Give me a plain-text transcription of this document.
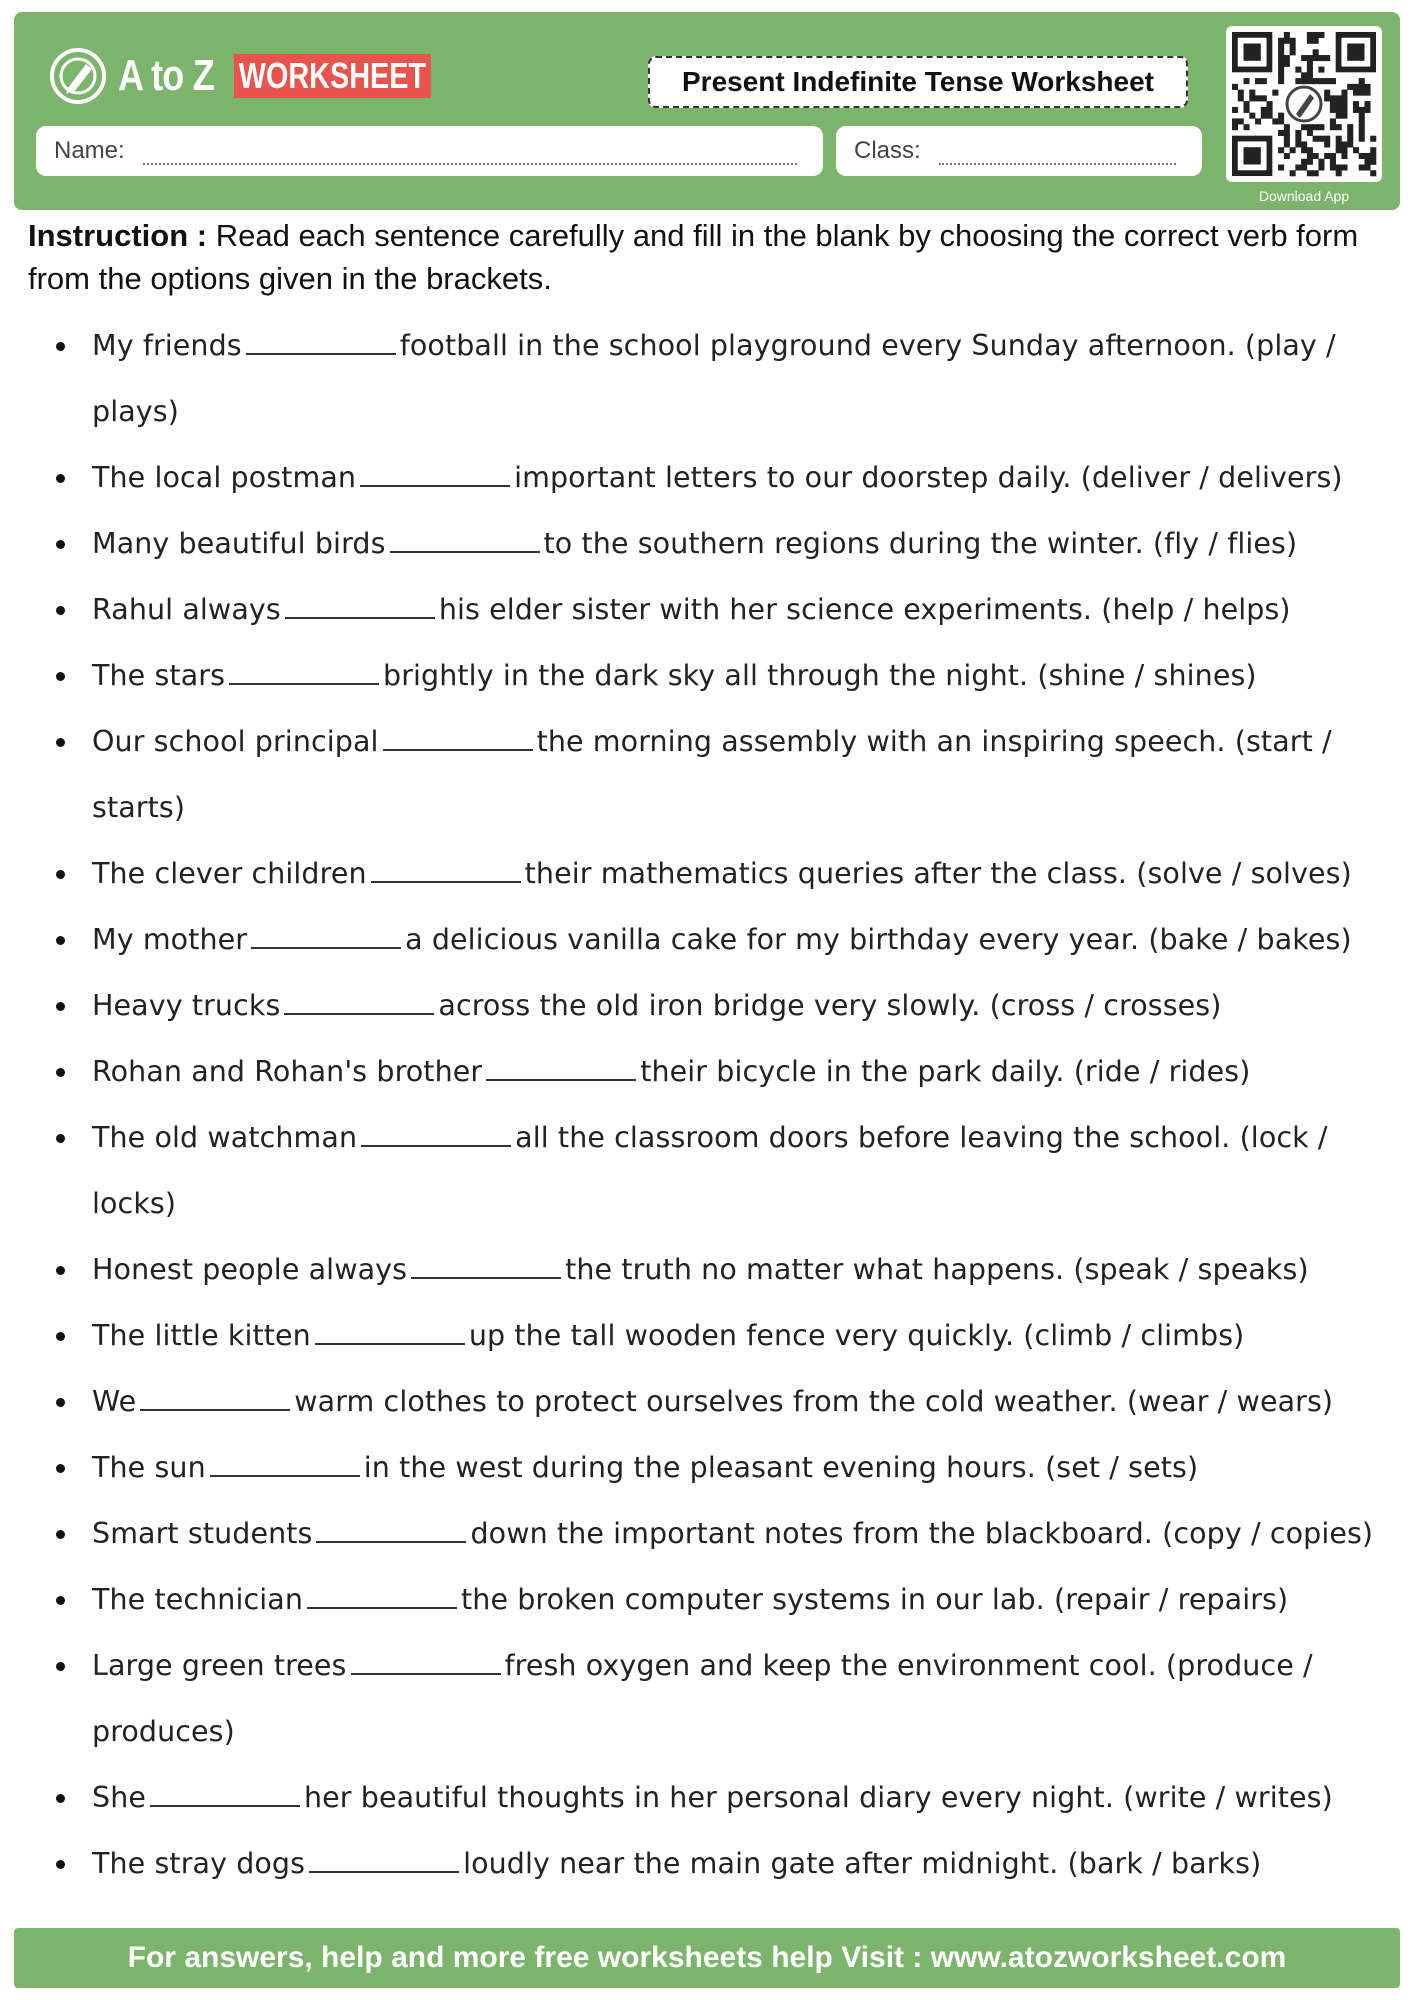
A to Z WORKSHEET	Present Indefinite Tense Worksheet
Name:	Class:
Download App
Instruction : Read each sentence carefully and fill in the blank by choosing the correct verb form from the options given in the brackets.
My friends	football in the school playground every Sunday afternoon. (play / plays)
The local postman	important letters to our doorstep daily. (deliver / delivers)
Many beautiful birds	to the southern regions during the winter. (fly / flies)
Rahul always	his elder sister with her science experiments. (help / helps)
The stars	brightly in the dark sky all through the night. (shine / shines)
Our school principal	the morning assembly with an inspiring speech. (start / starts)
The clever children	their mathematics queries after the class. (solve / solves)
My mother	a delicious vanilla cake for my birthday every year. (bake / bakes)
Heavy trucks	across the old iron bridge very slowly. (cross / crosses)
Rohan and Rohan's brother	their bicycle in the park daily. (ride / rides)
The old watchman	all the classroom doors before leaving the school. (lock / locks)
Honest people always	the truth no matter what happens. (speak / speaks)
The little kitten	up the tall wooden fence very quickly. (climb / climbs)
We	warm clothes to protect ourselves from the cold weather. (wear / wears)
The sun	in the west during the pleasant evening hours. (set / sets)
Smart students	down the important notes from the blackboard. (copy / copies)
The technician	the broken computer systems in our lab. (repair / repairs)
Large green trees	fresh oxygen and keep the environment cool. (produce / produces)
She	her beautiful thoughts in her personal diary every night. (write / writes)
The stray dogs	loudly near the main gate after midnight. (bark / barks)
For answers, help and more free worksheets help Visit : www.atozworksheet.com
